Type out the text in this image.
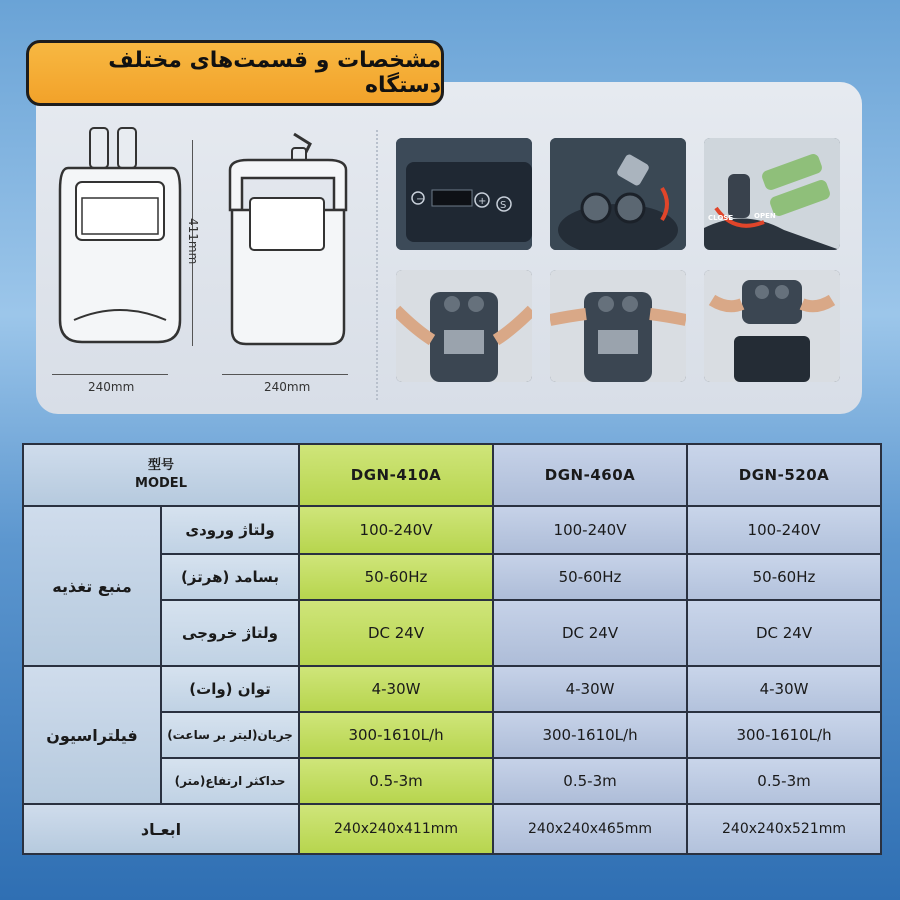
مشخصات و قسمت‌های مختلف دستگاه
411mm
240mm	240mm
−	+ S
CLOSE	OPEN
型号
MODEL		DGN-410A	DGN-460A	DGN-520A
منبع تغذیه	ولتاژ ورودی	100-240V	100-240V	100-240V
	بسامد (هرتز)	50-60Hz	50-60Hz	50-60Hz
	ولتاژ خروجی	DC 24V	DC 24V	DC 24V
فیلتراسیون	توان (وات)	4-30W	4-30W	4-30W
	جریان(لیتر بر ساعت)	300-1610L/h	300-1610L/h	300-1610L/h
	حداکثر ارتفاع(متر)	0.5-3m	0.5-3m	0.5-3m
ابعـاد		240x240x411mm	240x240x465mm	240x240x521mm
